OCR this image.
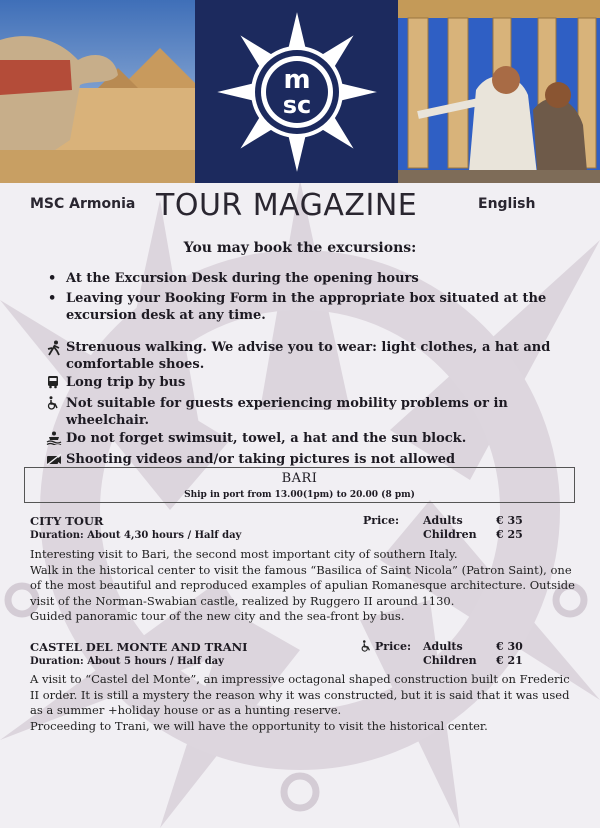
m
sc
MSC Armonia TOUR MAGAZINE	English
You may book the excursions:
• At the Excursion Desk during the opening hours
• Leaving your Booking Form in the appropriate box situated at the excursion desk at any time.
Strenuous walking. We advise you to wear: light clothes, a hat and comfortable shoes.
Long trip by bus
Not suitable for guests experiencing mobility problems or in wheelchair.
Do not forget swimsuit, towel, a hat and the sun block.
Shooting videos and/or taking pictures is not allowed
BARI
Ship in port from 13.00(1pm) to 20.00 (8 pm)
CITY TOUR
Duration: About 4,30 hours / Half day
Price: Adults	€ 35
Children € 25

Interesting visit to Bari, the second most important city of southern Italy.

Walk in the historical center to visit the famous “Basilica of Saint Nicola” (Patron Saint), one of the most beautiful and reproduced examples of apulian Romanesque architecture. Outside visit of the Norman-Swabian castle, realized by Ruggero II around 1130.

Guided panoramic tour of the new city and the sea-front by bus.

CASTEL DEL MONTE AND TRANI
Duration: About 5 hours / Half day
Price: Adults	€ 30
Children € 21

A visit to “Castel del Monte”, an impressive octagonal shaped construction built on Frederic II order. It is still a mystery the reason why it was constructed, but it is said that it was used as a summer +holiday house or as a hunting reserve.

Proceeding to Trani, we will have the opportunity to visit the historical center.
